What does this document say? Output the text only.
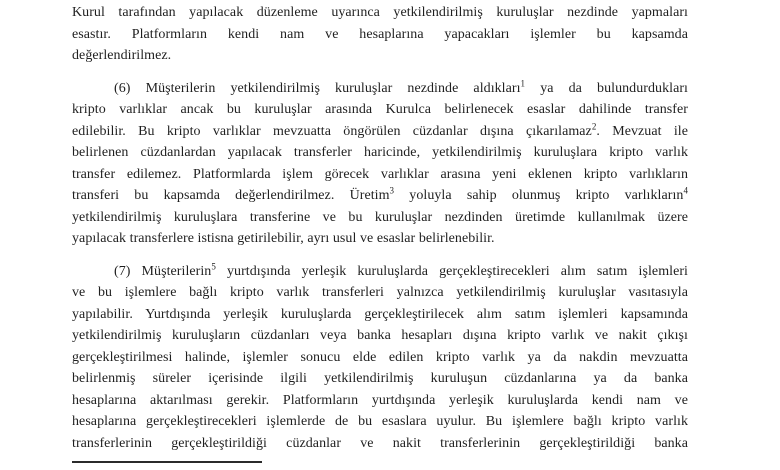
Kurul tarafından yapılacak düzenleme uyarınca yetkilendirilmiş kuruluşlar nezdinde yapmaları
esastır. Platformların kendi nam ve hesaplarına yapacakları işlemler bu kapsamda
değerlendirilmez.
(6) Müşterilerin yetkilendirilmiş kuruluşlar nezdinde aldıkları$^1$ ya da bulundurdukları
kripto varlıklar ancak bu kuruluşlar arasında Kurulca belirlenecek esaslar dahilinde transfer
edilebilir. Bu kripto varlıklar mevzuatta öngörülen cüzdanlar dışına çıkarılamaz$^2$. Mevzuat ile
belirlenen cüzdanlardan yapılacak transferler haricinde, yetkilendirilmiş kuruluşlara kripto varlık
transfer edilemez. Platformlarda işlem görecek varlıklar arasına yeni eklenen kripto varlıkların
transferi bu kapsamda değerlendirilmez. Üretim$^3$ yoluyla sahip olunmuş kripto varlıkların$^4$
yetkilendirilmiş kuruluşlara transferine ve bu kuruluşlar nezdinden üretimde kullanılmak üzere
yapılacak transferlere istisna getirilebilir, ayrı usul ve esaslar belirlenebilir.
(7) Müşterilerin$^5$ yurtdışında yerleşik kuruluşlarda gerçekleştirecekleri alım satım işlemleri
ve bu işlemlere bağlı kripto varlık transferleri yalnızca yetkilendirilmiş kuruluşlar vasıtasıyla
yapılabilir. Yurtdışında yerleşik kuruluşlarda gerçekleştirilecek alım satım işlemleri kapsamında
yetkilendirilmiş kuruluşların cüzdanları veya banka hesapları dışına kripto varlık ve nakit çıkışı
gerçekleştirilmesi halinde, işlemler sonucu elde edilen kripto varlık ya da nakdin mevzuatta
belirlenmiş süreler içerisinde ilgili yetkilendirilmiş kuruluşun cüzdanlarına ya da banka
hesaplarına aktarılması gerekir. Platformların yurtdışında yerleşik kuruluşlarda kendi nam ve
hesaplarına gerçekleştirecekleri işlemlerde de bu esaslara uyulur. Bu işlemlere bağlı kripto varlık
transferlerinin gerçekleştirildiği cüzdanlar ve nakit transferlerinin gerçekleştirildiği banka
